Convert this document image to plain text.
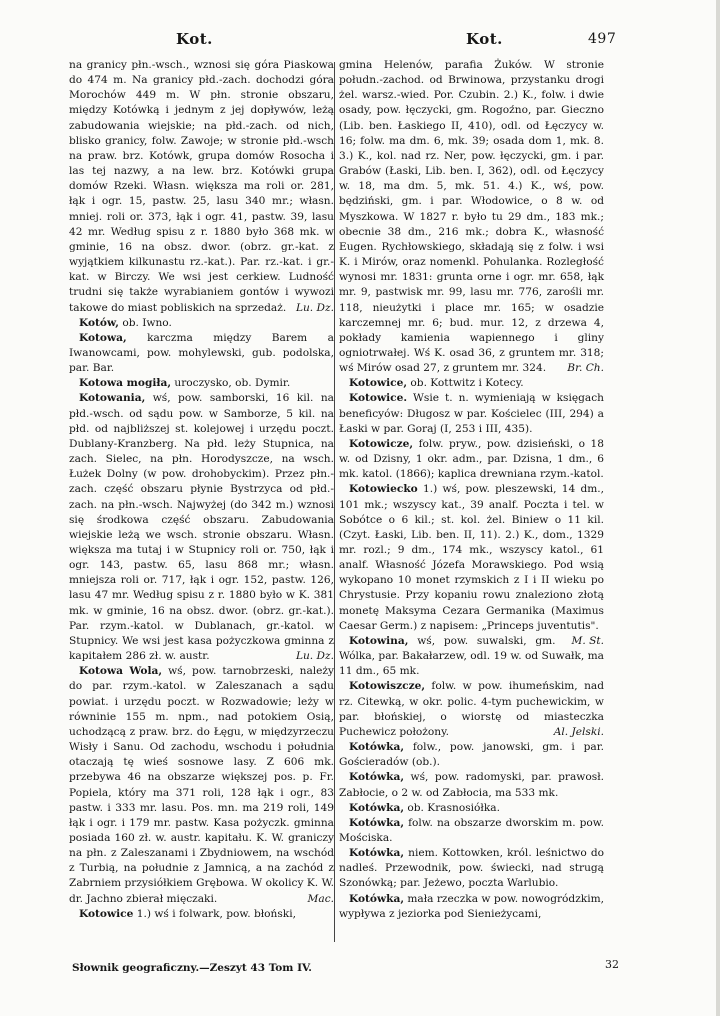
Kot.	Kot.	497

na granicy płn.-wsch., wznosi się góra Piaskowa do 474 m. Na granicy płd.-zach. dochodzi góra Morochów 449 m. W płn. stronie obszaru, między Kotówką i jednym z jej dopływów, leżą zabudowania wiejskie; na płd.-zach. od nich, blisko granicy, folw. Zawoje; w stronie płd.-wsch na praw. brz. Kotówk, grupa domów Rosocha i las tej nazwy, a na lew. brz. Kotówki grupa domów Rzeki. Własn. większa ma roli or. 281, łąk i ogr. 15, pastw. 25, lasu 340 mr.; własn. mniej. roli or. 373, łąk i ogr. 41, pastw. 39, lasu 42 mr. Według spisu z r. 1880 było 368 mk. w gminie, 16 na obsz. dwor. (obrz. gr.-kat. z wyjątkiem kilkunastu rz.-kat.). Par. rz.-kat. i gr.-kat. w Birczy. We wsi jest cerkiew. Ludność trudni się także wyrabianiem gontów i wywozi takowe do miast pobliskich na sprzedaż. Lu. Dz.

Kotów, ob. Iwno.

Kotowa, karczma między Barem a Iwanowcami, pow. mohylewski, gub. podolska, par. Bar.

Kotowa mogiła, uroczysko, ob. Dymir.

Kotowania, wś, pow. samborski, 16 kil. na płd.-wsch. od sądu pow. w Samborze, 5 kil. na płd. od najbliższej st. kolejowej i urzędu poczt. Dublany-Kranzberg. Na płd. leży Stupnica, na zach. Sielec, na płn. Horodyszcze, na wsch. Łużek Dolny (w pow. drohobyckim). Przez płn.-zach. część obszaru płynie Bystrzyca od płd.-zach. na płn.-wsch. Najwyżej (do 342 m.) wznosi się środkowa część obszaru. Zabudowania wiejskie leżą we wsch. stronie obszaru. Własn. większa ma tutaj i w Stupnicy roli or. 750, łąk i ogr. 143, pastw. 65, lasu 868 mr.; własn. mniejsza roli or. 717, łąk i ogr. 152, pastw. 126, lasu 47 mr. Według spisu z r. 1880 było w K. 381 mk. w gminie, 16 na obsz. dwor. (obrz. gr.-kat.). Par. rzym.-katol. w Dublanach, gr.-katol. w Stupnicy. We wsi jest kasa pożyczkowa gminna z kapitałem 286 zł. w. austr.	Lu. Dz.

Kotowa Wola, wś, pow. tarnobrzeski, należy do par. rzym.-katol. w Zaleszanach a sądu powiat. i urzędu poczt. w Rozwadowie; leży w równinie 155 m. npm., nad potokiem Osią, uchodzącą z praw. brz. do Łęgu, w międzyrzeczu Wisły i Sanu. Od zachodu, wschodu i południa otaczają tę wieś sosnowe lasy. Z 606 mk. przebywa 46 na obszarze większej pos. p. Fr. Popiela, który ma 371 roli, 128 łąk i ogr., 83 pastw. i 333 mr. lasu. Pos. mn. ma 219 roli, 149 łąk i ogr. i 179 mr. pastw. Kasa pożyczk. gminna posiada 160 zł. w. austr. kapitału. K. W. graniczy na płn. z Zaleszanami i Zbydniowem, na wschód z Turbią, na południe z Jamnicą, a na zachód z Zabrniem przysiółkiem Grębowa. W okolicy K. W. dr. Jachno zbierał mięczaki.	Mac.

Kotowice 1.) wś i folwark, pow. błoński,

gmina Helenów, parafia Żuków. W stronie połudn.-zachod. od Brwinowa, przystanku drogi żel. warsz.-wied. Por. Czubin. 2.) K., folw. i dwie osady, pow. łęczycki, gm. Rogoźno, par. Gieczno (Lib. ben. Łaskiego II, 410), odl. od Łęczycy w. 16; folw. ma dm. 6, mk. 39; osada dom 1, mk. 8. 3.) K., kol. nad rz. Ner, pow. łęczycki, gm. i par. Grabów (Łaski, Lib. ben. I, 362), odl. od Łęczycy w. 18, ma dm. 5, mk. 51. 4.) K., wś, pow. będziński, gm. i par. Włodowice, o 8 w. od Myszkowa. W 1827 r. było tu 29 dm., 183 mk.; obecnie 38 dm., 216 mk.; dobra K., własność Eugen. Rychłowskiego, składają się z folw. i wsi K. i Mirów, oraz nomenkl. Pohulanka. Rozległość wynosi mr. 1831: grunta orne i ogr. mr. 658, łąk mr. 9, pastwisk mr. 99, lasu mr. 776, zarośli mr. 118, nieużytki i place mr. 165; w osadzie karczemnej mr. 6; bud. mur. 12, z drzewa 4, pokłady kamienia wapiennego i gliny ogniotrwałej. Wś K. osad 36, z gruntem mr. 318; wś Mirów osad 27, z gruntem mr. 324.	Br. Ch.

Kotowice, ob. Kottwitz i Kotecy.

Kotowice. Wsie t. n. wymieniają w księgach beneficyów: Długosz w par. Kościelec (III, 294) a Łaski w par. Goraj (I, 253 i III, 435).

Kotowicze, folw. pryw., pow. dzisieński, o 18 w. od Dzisny, 1 okr. adm., par. Dzisna, 1 dm., 6 mk. katol. (1866); kaplica drewniana rzym.-katol.

Kotowiecko 1.) wś, pow. pleszewski, 14 dm., 101 mk.; wszyscy kat., 39 analf. Poczta i tel. w Sobótce o 6 kil.; st. kol. żel. Biniew o 11 kil. (Czyt. Łaski, Lib. ben. II, 11). 2.) K., dom., 1329 mr. rozl.; 9 dm., 174 mk., wszyscy katol., 61 analf. Własność Józefa Morawskiego. Pod wsią wykopano 10 monet rzymskich z I i II wieku po Chrystusie. Przy kopaniu rowu znaleziono złotą monetę Maksyma Cezara Germanika (Maximus Caesar Germ.) z napisem: „Princeps juventutis".
M. St.

Kotowina, wś, pow. suwalski, gm. Wólka, par. Bakałarzew, odl. 19 w. od Suwałk, ma 11 dm., 65 mk.

Kotowiszcze, folw. w pow. ihumeńskim, nad rz. Citewką, w okr. polic. 4-tym puchewickim, w par. błońskiej, o wiorstę od miasteczka Puchewicz położony.	Al. Jelski.

Kotówka, folw., pow. janowski, gm. i par. Gościeradów (ob.).

Kotówka, wś, pow. radomyski, par. prawosł. Zabłocie, o 2 w. od Zabłocia, ma 533 mk.

Kotówka, ob. Krasnosiółka.

Kotówka, folw. na obszarze dworskim m. pow. Mościska.

Kotówka, niem. Kottowken, król. leśnictwo do nadleś. Przewodnik, pow. świecki, nad strugą Szonówką; par. Jeżewo, poczta Warlubio.

Kotówka, mała rzeczka w pow. nowogródzkim, wypływa z jeziorka pod Sienieżycami,

Słownik geograficzny.—Zeszyt 43 Tom IV.	32
